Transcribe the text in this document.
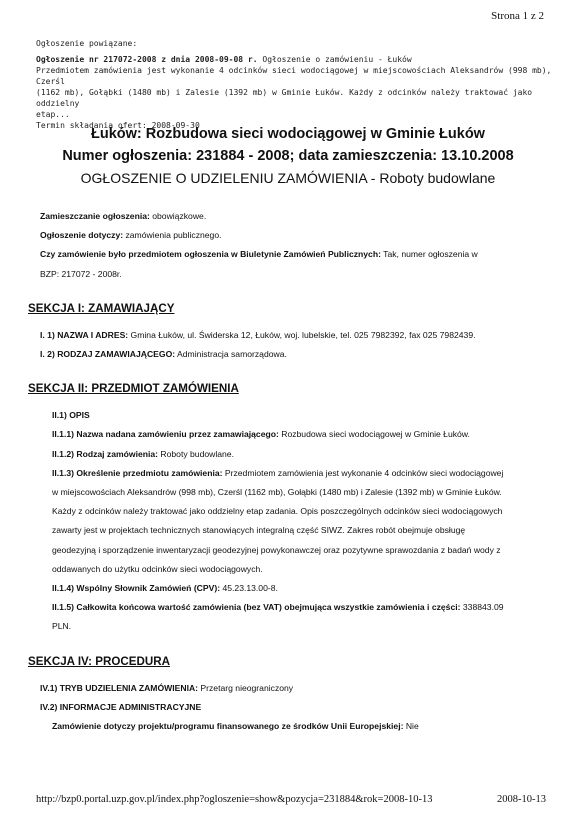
Strona 1 z 2
Ogłoszenie powiązane:
Ogłoszenie nr 217072-2008 z dnia 2008-09-08 r. Ogłoszenie o zamówieniu - Łuków

Przedmiotem zamówienia jest wykonanie 4 odcinków sieci wodociągowej w miejscowościach Aleksandrów (998 mb), Czerśl
(1162 mb), Gołąbki (1480 mb) i Zalesie (1392 mb) w Gminie Łuków. Każdy z odcinków należy traktować jako oddzielny
etap...
Termin składania ofert: 2008-09-30
Łuków: Rozbudowa sieci wodociągowej w Gminie Łuków
Numer ogłoszenia: 231884 - 2008; data zamieszczenia: 13.10.2008
OGŁOSZENIE O UDZIELENIU ZAMÓWIENIA - Roboty budowlane
Zamieszczanie ogłoszenia: obowiązkowe.
Ogłoszenie dotyczy: zamówienia publicznego.
Czy zamówienie było przedmiotem ogłoszenia w Biuletynie Zamówień Publicznych: Tak, numer ogłoszenia w
BZP: 217072 - 2008r.
SEKCJA I: ZAMAWIAJĄCY
I. 1) NAZWA I ADRES: Gmina Łuków, ul. Świderska 12, Łuków, woj. lubelskie, tel. 025 7982392, fax 025 7982439.
I. 2) RODZAJ ZAMAWIAJĄCEGO: Administracja samorządowa.
SEKCJA II: PRZEDMIOT ZAMÓWIENIA
II.1) OPIS
II.1.1) Nazwa nadana zamówieniu przez zamawiającego: Rozbudowa sieci wodociągowej w Gminie Łuków.
II.1.2) Rodzaj zamówienia: Roboty budowlane.
II.1.3) Określenie przedmiotu zamówienia: Przedmiotem zamówienia jest wykonanie 4 odcinków sieci wodociągowej
w miejscowościach Aleksandrów (998 mb), Czerśl (1162 mb), Gołąbki (1480 mb) i Zalesie (1392 mb) w Gminie Łuków.
Każdy z odcinków należy traktować jako oddzielny etap zadania. Opis poszczególnych odcinków sieci wodociągowych
zawarty jest w projektach technicznych stanowiących integralną część SIWZ. Zakres robót obejmuje obsługę
geodezyjną i sporządzenie inwentaryzacji geodezyjnej powykonawczej oraz pozytywne sprawozdania z badań wody z
oddawanych do użytku odcinków sieci wodociągowych.
II.1.4) Wspólny Słownik Zamówień (CPV): 45.23.13.00-8.
II.1.5) Całkowita końcowa wartość zamówienia (bez VAT) obejmująca wszystkie zamówienia i części: 338843.09
PLN.
SEKCJA IV: PROCEDURA
IV.1) TRYB UDZIELENIA ZAMÓWIENIA: Przetarg nieograniczony
IV.2) INFORMACJE ADMINISTRACYJNE
Zamówienie dotyczy projektu/programu finansowanego ze środków Unii Europejskiej: Nie
http://bzp0.portal.uzp.gov.pl/index.php?ogloszenie=show&pozycja=231884&rok=2008-10-13	2008-10-13
